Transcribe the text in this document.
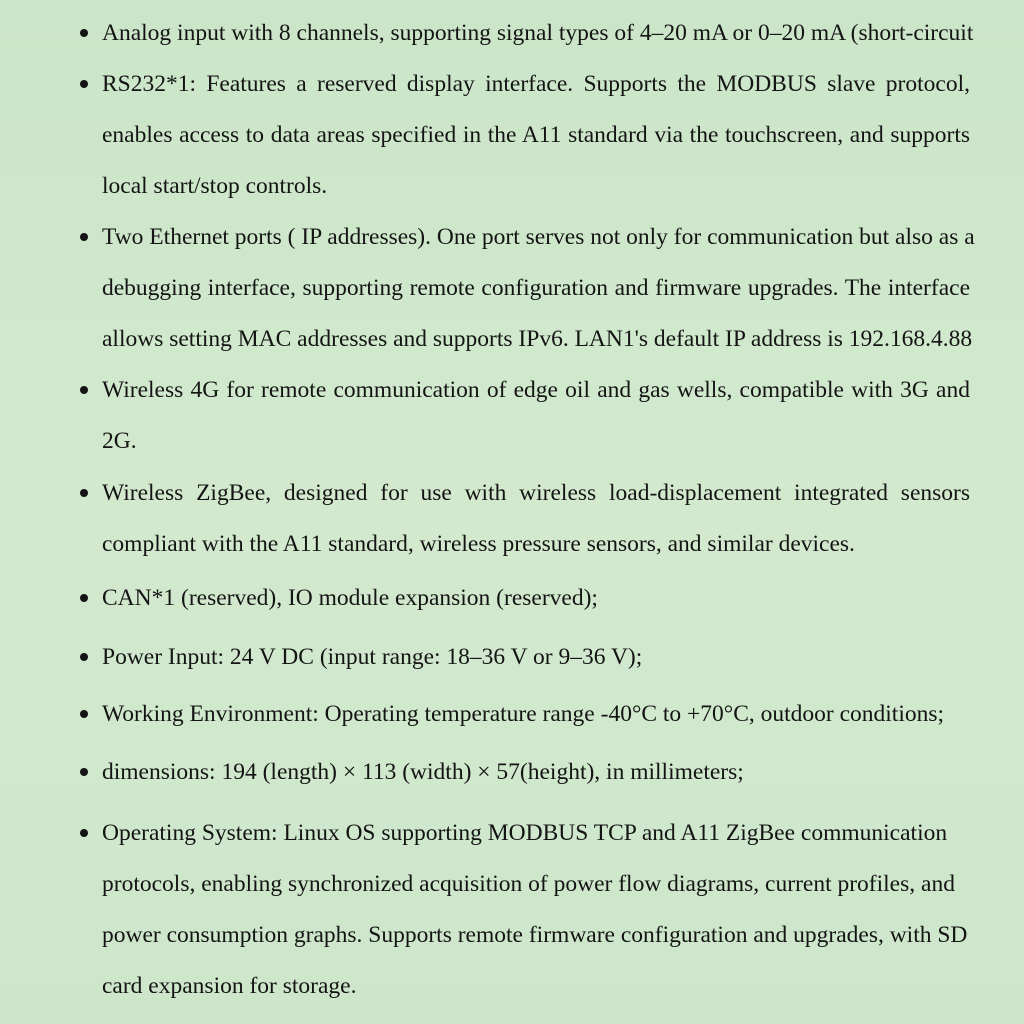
Analog input with 8 channels, supporting signal types of 4–20 mA or 0–20 mA (short-circuit
RS232*1: Features a reserved display interface. Supports the MODBUS slave protocol,
enables access to data areas specified in the A11 standard via the touchscreen, and supports
local start/stop controls.
Two Ethernet ports ( IP addresses). One port serves not only for communication but also as a
debugging interface, supporting remote configuration and firmware upgrades. The interface
allows setting MAC addresses and supports IPv6. LAN1's default IP address is 192.168.4.88
Wireless 4G for remote communication of edge oil and gas wells, compatible with 3G and
2G.
Wireless ZigBee, designed for use with wireless load-displacement integrated sensors
compliant with the A11 standard, wireless pressure sensors, and similar devices.
CAN*1 (reserved), IO module expansion (reserved);
Power Input: 24 V DC (input range: 18–36 V or 9–36 V);
Working Environment: Operating temperature range -40°C to +70°C, outdoor conditions;
dimensions: 194 (length) × 113 (width) × 57(height), in millimeters;
Operating System: Linux OS supporting MODBUS TCP and A11 ZigBee communication
protocols, enabling synchronized acquisition of power flow diagrams, current profiles, and
power consumption graphs. Supports remote firmware configuration and upgrades, with SD
card expansion for storage.
